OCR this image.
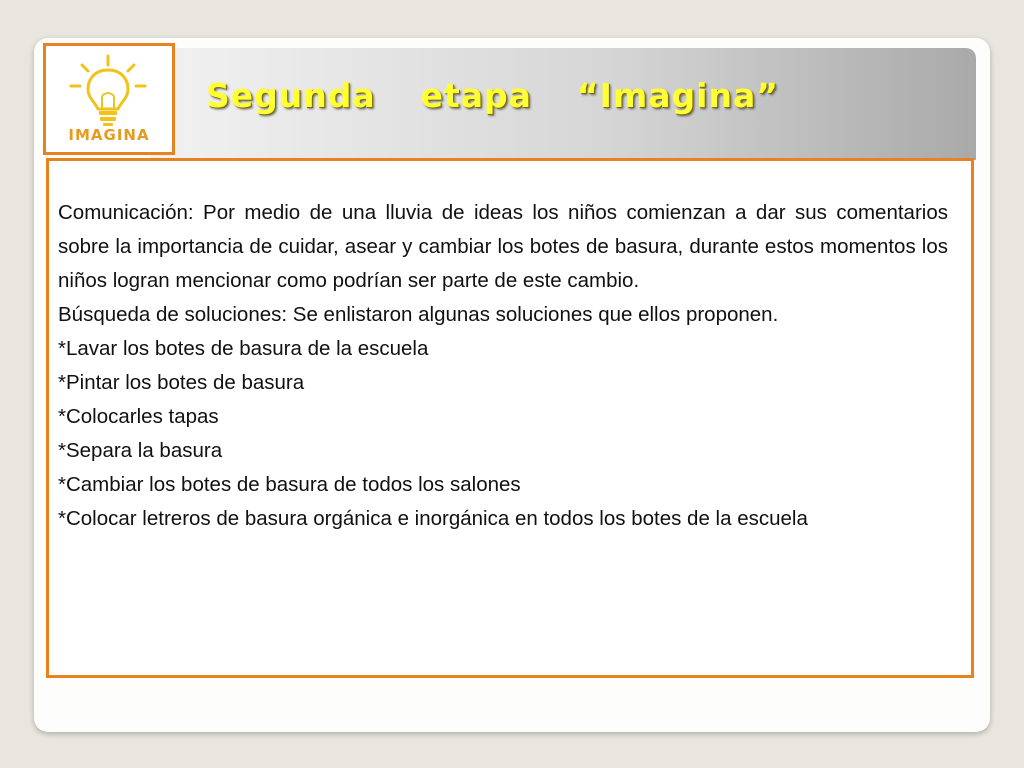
Segunda  etapa  “Imagina”
IMAGINA

Comunicación: Por medio de una lluvia de ideas los niños comienzan a dar sus comentarios sobre la importancia de cuidar, asear y cambiar los botes de basura, durante estos momentos los niños logran mencionar como podrían ser parte de este cambio.

Búsqueda de soluciones: Se enlistaron algunas soluciones que ellos proponen.

*Lavar los botes de basura de la escuela

*Pintar los botes de basura

*Colocarles tapas

*Separa la basura

*Cambiar los botes de basura de todos los salones

*Colocar letreros de basura orgánica e inorgánica en todos los botes de la escuela
